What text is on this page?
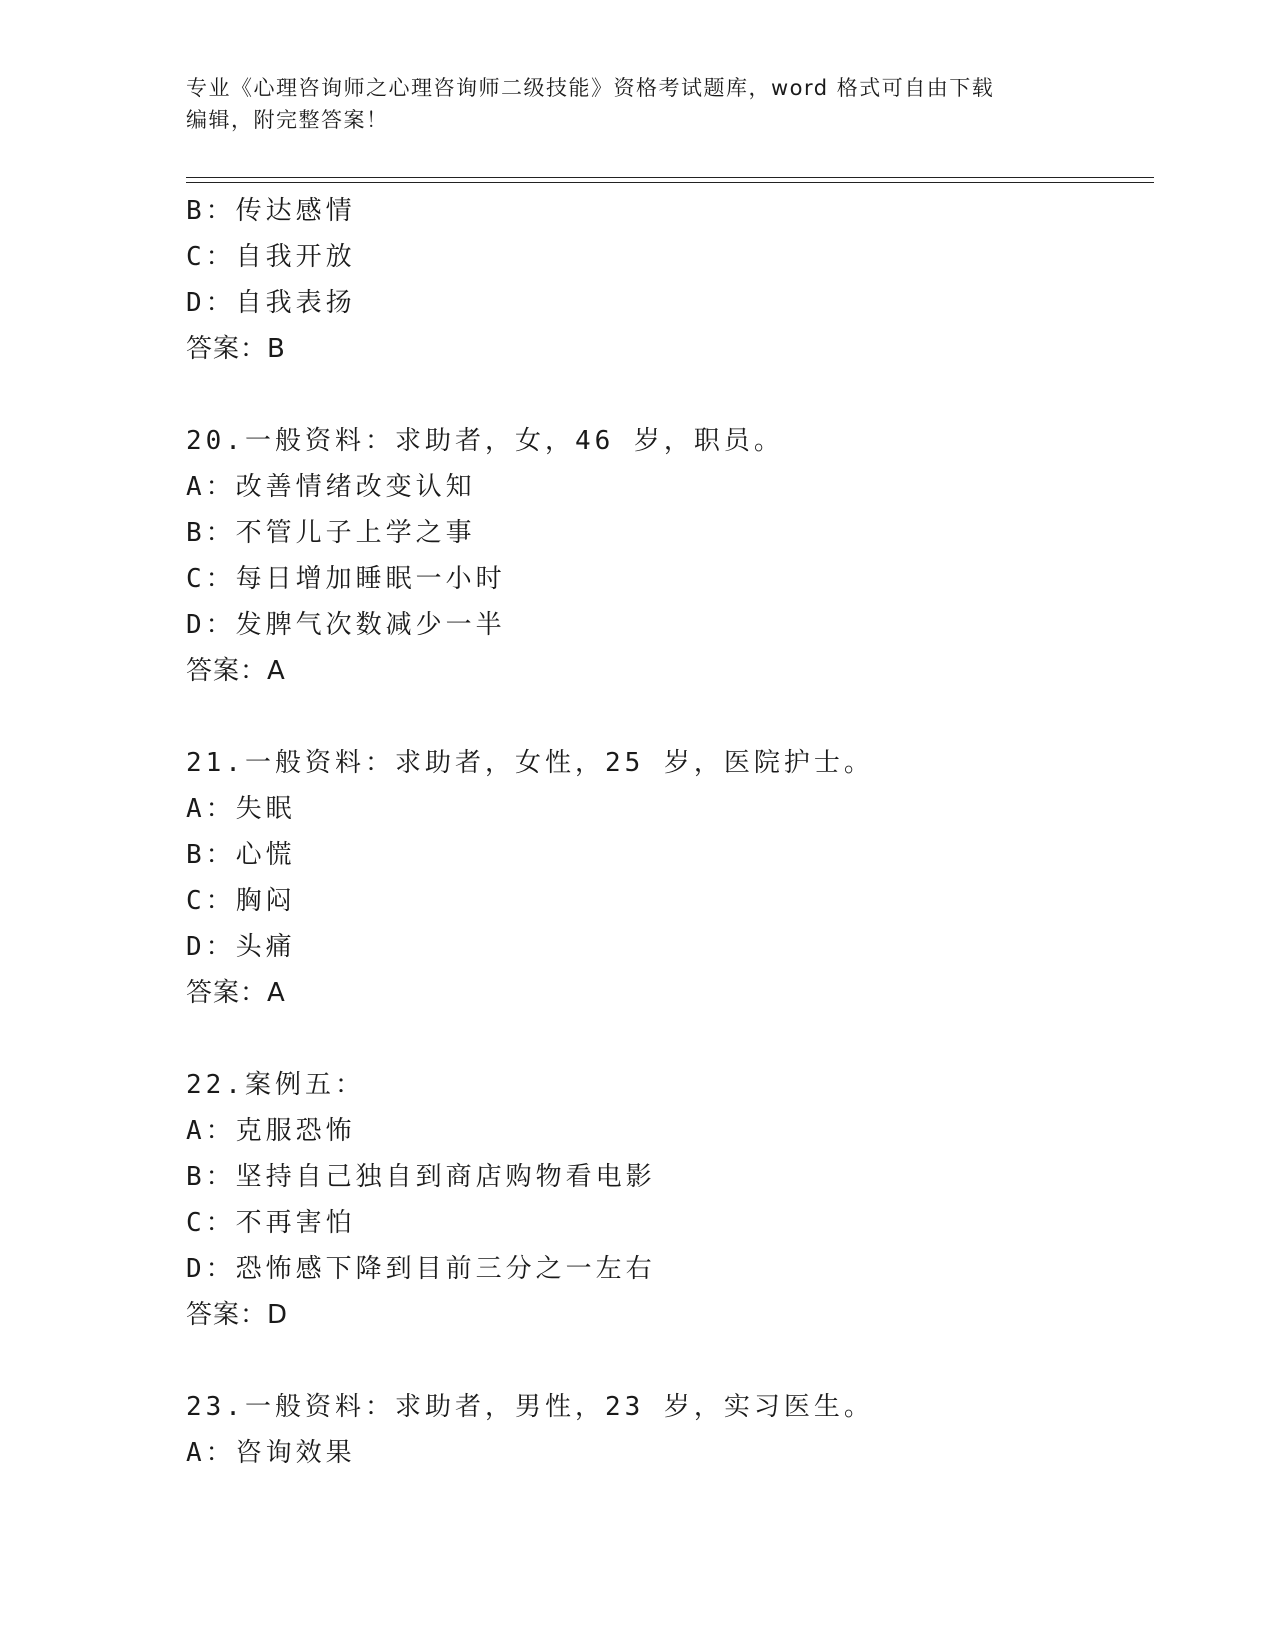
专业《心理咨询师之心理咨询师二级技能》资格考试题库，word 格式可自由下载
编辑，附完整答案！
B：传达感情
C：自我开放
D：自我表扬
答案：B
20.一般资料：求助者，女，46 岁，职员。
A：改善情绪改变认知
B：不管儿子上学之事
C：每日增加睡眠一小时
D：发脾气次数减少一半
答案：A
21.一般资料：求助者，女性，25 岁，医院护士。
A：失眠
B：心慌
C：胸闷
D：头痛
答案：A
22.案例五：
A：克服恐怖
B：坚持自己独自到商店购物看电影
C：不再害怕
D：恐怖感下降到目前三分之一左右
答案：D
23.一般资料：求助者，男性，23 岁，实习医生。
A：咨询效果
